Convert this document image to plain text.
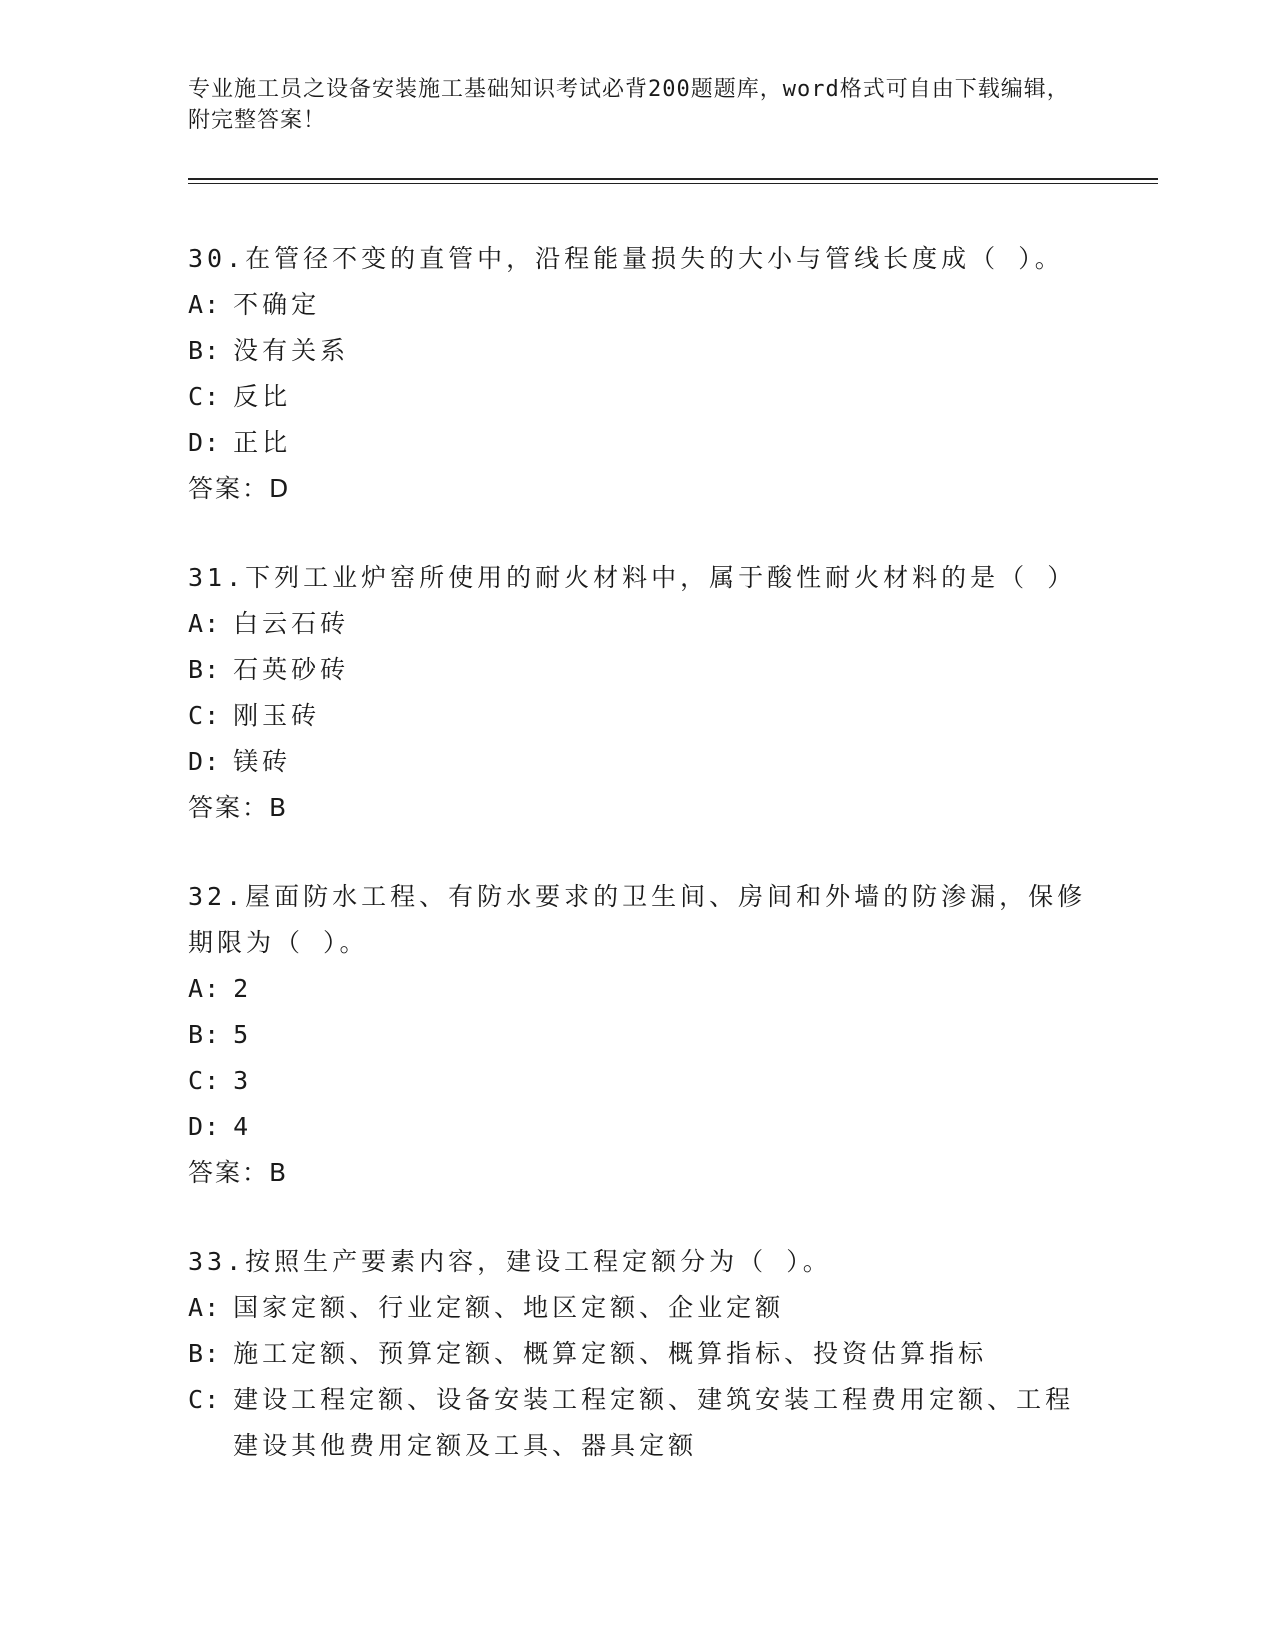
专业施工员之设备安装施工基础知识考试必背200题题库，word格式可自由下载编辑，附完整答案！
30.在管径不变的直管中，沿程能量损失的大小与管线长度成（ ）。
A : 不确定
B : 没有关系
C : 反比
D : 正比
答案：D
31.下列工业炉窑所使用的耐火材料中，属于酸性耐火材料的是（ ）
A : 白云石砖
B : 石英砂砖
C : 刚玉砖
D : 镁砖
答案：B
32.屋面防水工程、有防水要求的卫生间、房间和外墙的防渗漏，保修期限为（ ）。
A : 2
B : 5
C : 3
D : 4
答案：B
33.按照生产要素内容，建设工程定额分为（ ）。
A : 国家定额、行业定额、地区定额、企业定额
B : 施工定额、预算定额、概算定额、概算指标、投资估算指标
C : 建设工程定额、设备安装工程定额、建筑安装工程费用定额、工程建设其他费用定额及工具、器具定额
